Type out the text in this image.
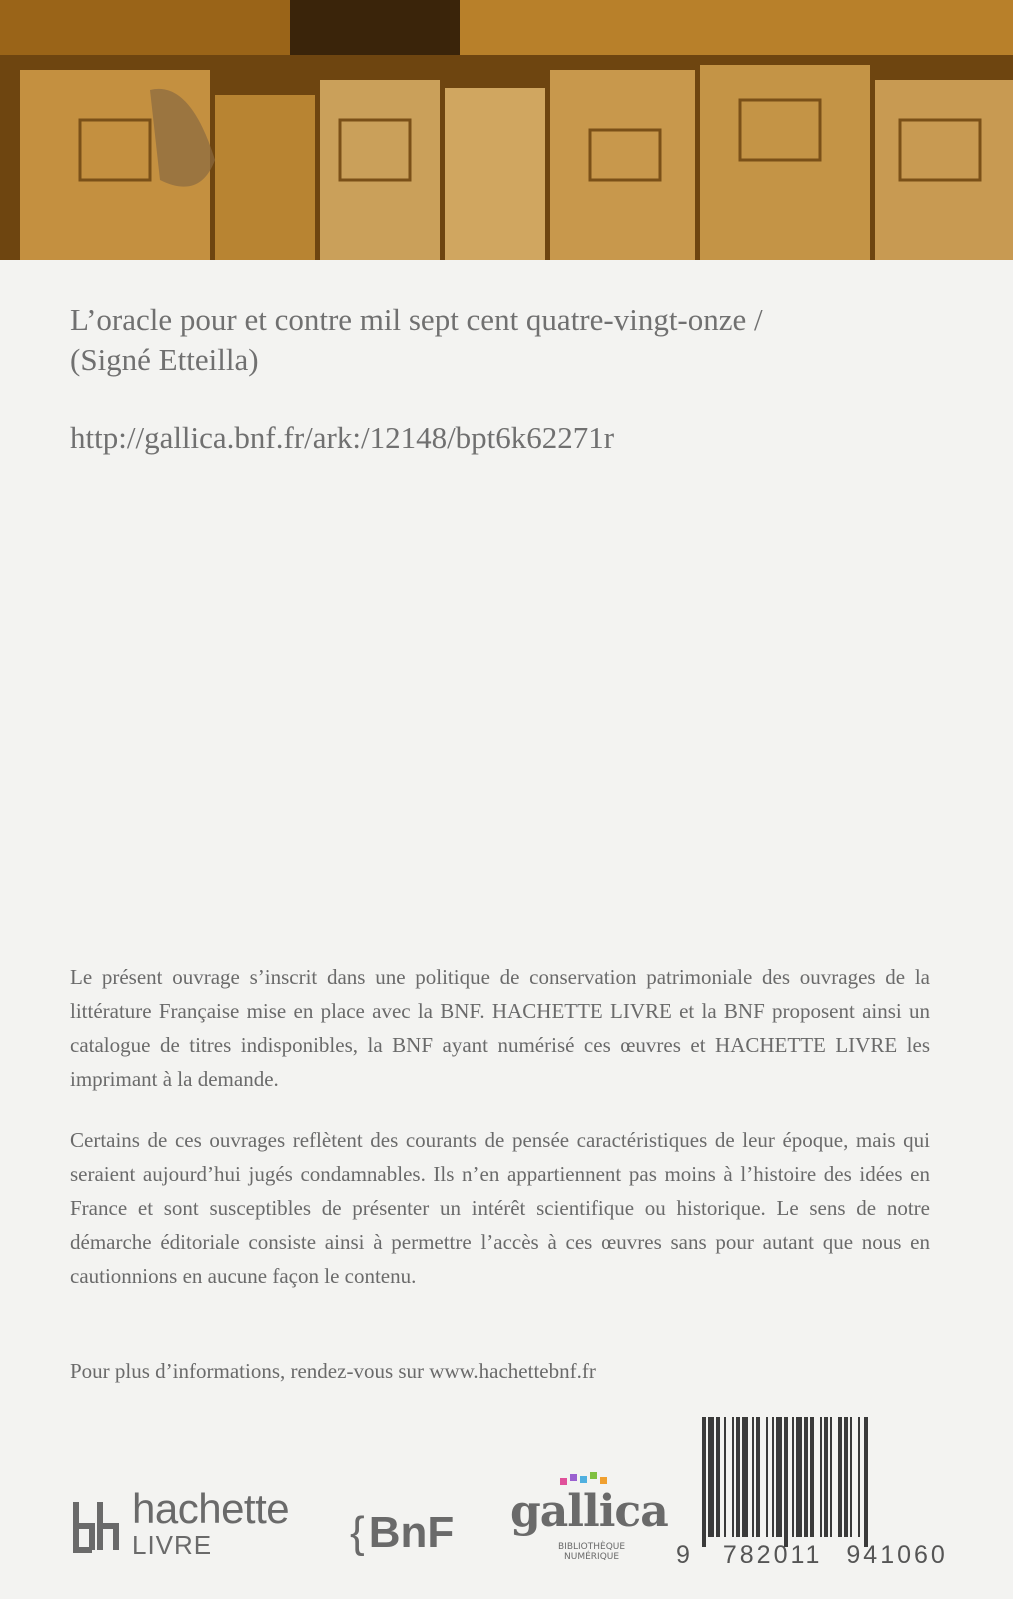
L’oracle pour et contre mil sept cent quatre-vingt-onze / (Signé Etteilla)

http://gallica.bnf.fr/ark:/12148/bpt6k62271r

Le présent ouvrage s’inscrit dans une politique de conservation patrimoniale des ouvrages de la littérature Française mise en place avec la BNF. HACHETTE LIVRE et la BNF proposent ainsi un catalogue de titres indisponibles, la BNF ayant numérisé ces œuvres et HACHETTE LIVRE les imprimant à la demande.

Certains de ces ouvrages reflètent des courants de pensée caractéristiques de leur époque, mais qui seraient aujourd’hui jugés condamnables. Ils n’en appartiennent pas moins à l’histoire des idées en France et sont susceptibles de présenter un intérêt scientifique ou historique. Le sens de notre démarche éditoriale consiste ainsi à permettre l’accès à ces œuvres sans pour autant que nous en cautionnions en aucune façon le contenu.

Pour plus d’informations, rendez-vous sur www.hachettebnf.fr

hachette
LIVRE	{BnF gallica
BIBLIOTHÈQUE
NUMÉRIQUE 9 782011 941060
